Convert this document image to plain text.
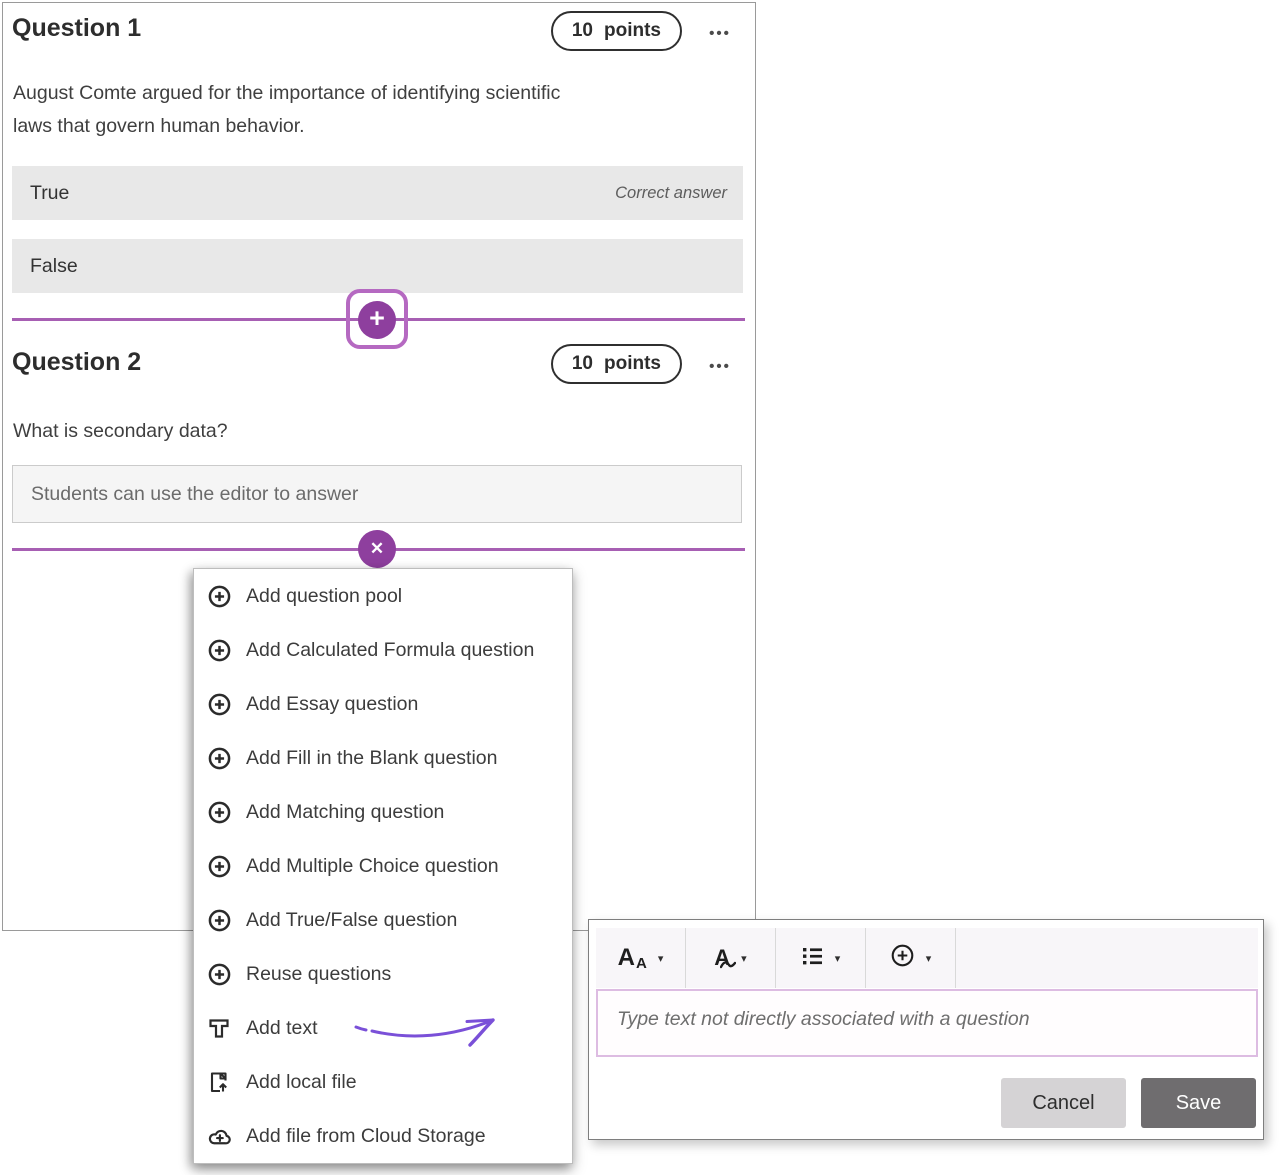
Question 1	10 points	•••
August Comte argued for the importance of identifying scientific
laws that govern human behavior.
True	Correct answer
False
+
Question 2	10 points	•••
What is secondary data?
Students can use the editor to answer
✕
Add question pool
Add Calculated Formula question
Add Essay question
Add Fill in the Blank question
Add Matching question
Add Multiple Choice question
Add True/False question
Reuse questions
Add text
Add local file
Add file from Cloud Storage
A A ▾ A ▾	▾	▾
Type text not directly associated with a question
Cancel	Save
